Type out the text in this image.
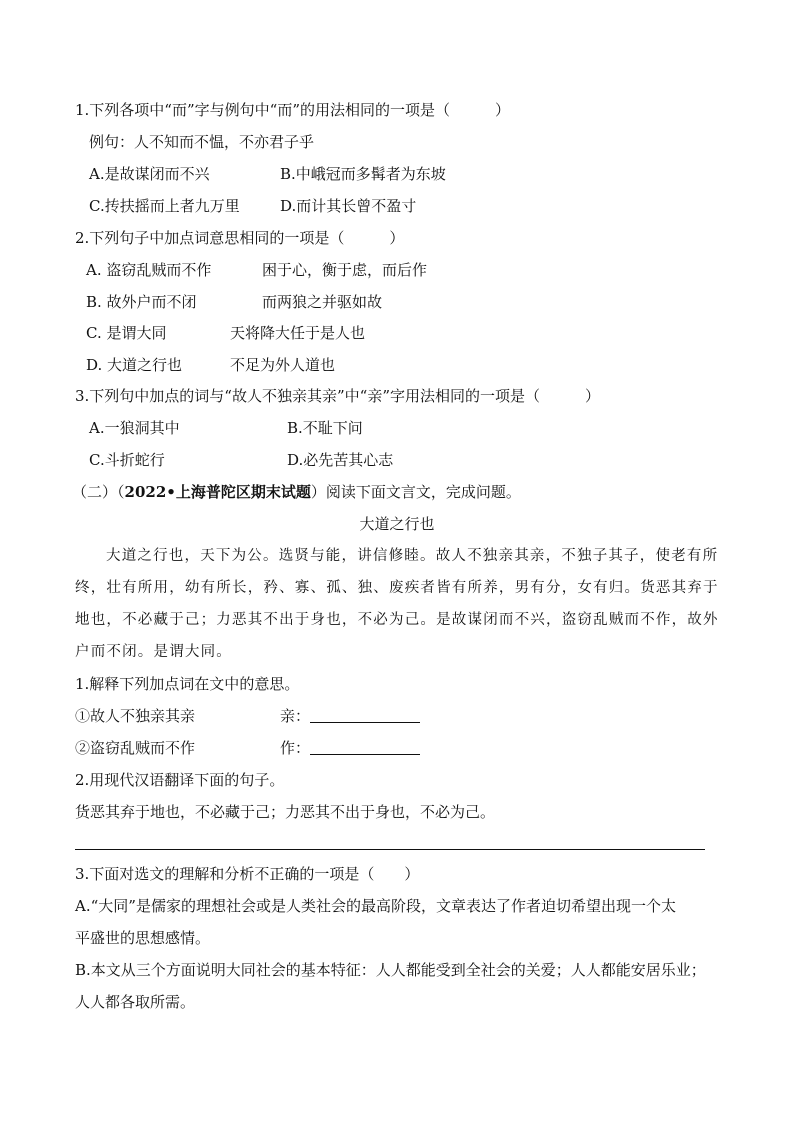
1.下列各项中“而”字与例句中“而”的用法相同的一项是（　　　）
例句：人不知而不愠，不亦君子乎
A.是故谋闭而不兴	B.中峨冠而多髯者为东坡
C.抟扶摇而上者九万里	D.而计其长曾不盈寸
2.下列句子中加点词意思相同的一项是（　　　）
A. 盗窃乱贼而不作	困于心，衡于虑，而后作
B. 故外户而不闭	而两狼之并驱如故
C. 是谓大同	天将降大任于是人也
D. 大道之行也	不足为外人道也
3.下列句中加点的词与“故人不独亲其亲”中“亲”字用法相同的一项是（　　　）
A.一狼洞其中	B.不耻下问
C.斗折蛇行	D.必先苦其心志
（二）（2022•上海普陀区期末试题）阅读下面文言文，完成问题。
大道之行也
大道之行也，天下为公。选贤与能，讲信修睦。故人不独亲其亲，不独子其子，使老有所
终，壮有所用，幼有所长，矜、寡、孤、独、废疾者皆有所养，男有分，女有归。货恶其弃于
地也，不必藏于己；力恶其不出于身也，不必为己。是故谋闭而不兴，盗窃乱贼而不作，故外
户而不闭。是谓大同。
1.解释下列加点词在文中的意思。
①故人不独亲其亲	亲：
②盗窃乱贼而不作	作：
2.用现代汉语翻译下面的句子。
货恶其弃于地也，不必藏于己；力恶其不出于身也，不必为己。
3.下面对选文的理解和分析不正确的一项是（　　）
A.“大同”是儒家的理想社会或是人类社会的最高阶段，文章表达了作者迫切希望出现一个太
平盛世的思想感情。
B.本文从三个方面说明大同社会的基本特征：人人都能受到全社会的关爱；人人都能安居乐业；
人人都各取所需。
